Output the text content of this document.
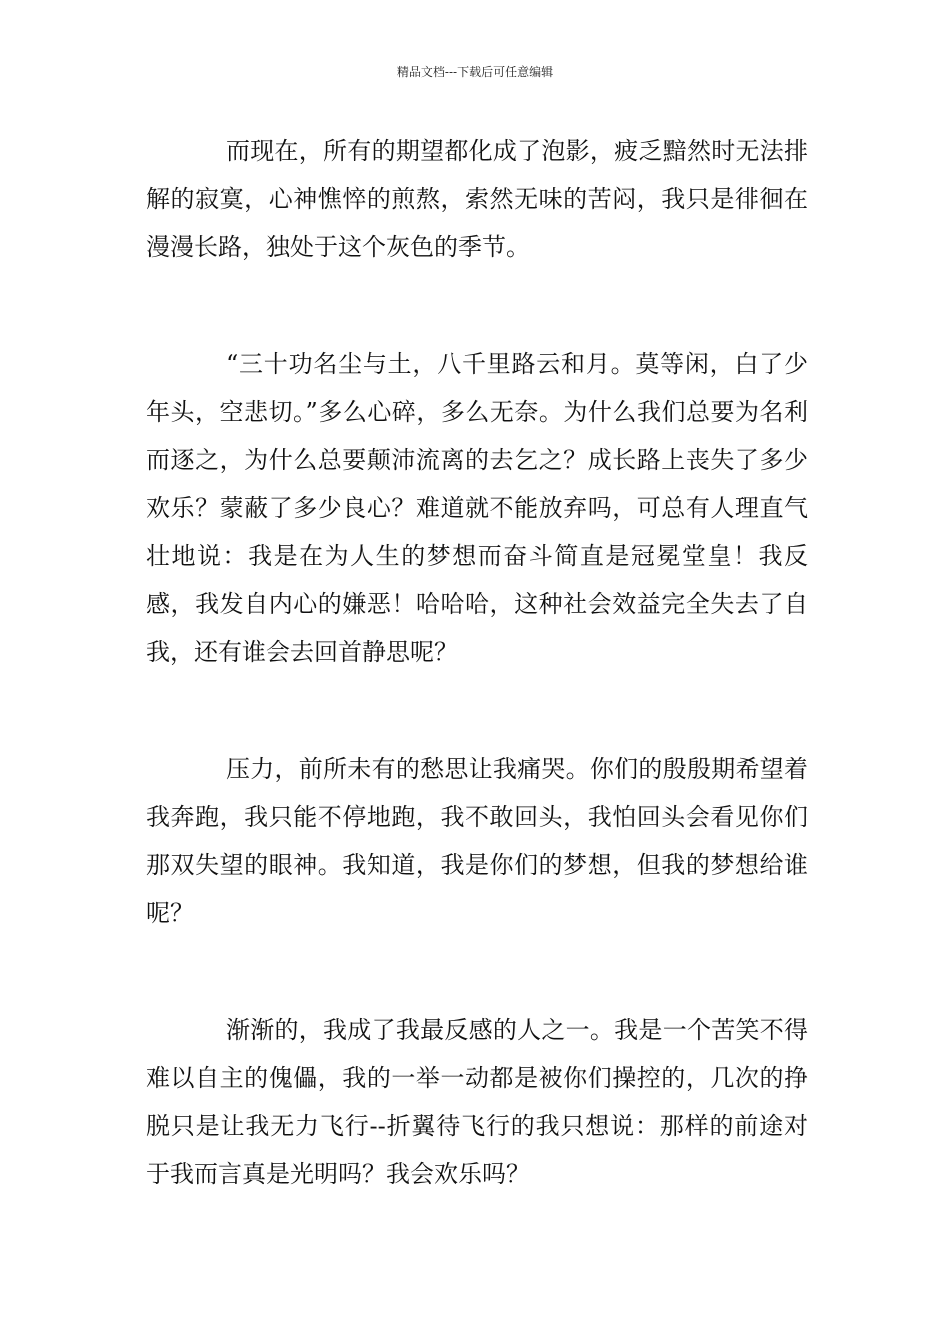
精品文档---下载后可任意编辑

而现在，所有的期望都化成了泡影，疲乏黯然时无法排解的寂寞，心神憔悴的煎熬，索然无味的苦闷，我只是徘徊在漫漫长路，独处于这个灰色的季节。

“三十功名尘与土，八千里路云和月。莫等闲，白了少年头，空悲切。”多么心碎，多么无奈。为什么我们总要为名利而逐之，为什么总要颠沛流离的去乞之？成长路上丧失了多少欢乐？蒙蔽了多少良心？难道就不能放弃吗，可总有人理直气壮地说：我是在为人生的梦想而奋斗简直是冠冕堂皇！我反感，我发自内心的嫌恶！哈哈哈，这种社会效益完全失去了自我，还有谁会去回首静思呢？

压力，前所未有的愁思让我痛哭。你们的殷殷期希望着我奔跑，我只能不停地跑，我不敢回头，我怕回头会看见你们那双失望的眼神。我知道，我是你们的梦想，但我的梦想给谁呢？

渐渐的，我成了我最反感的人之一。我是一个苦笑不得难以自主的傀儡，我的一举一动都是被你们操控的，几次的挣脱只是让我无力飞行--折翼待飞行的我只想说：那样的前途对于我而言真是光明吗？我会欢乐吗？
